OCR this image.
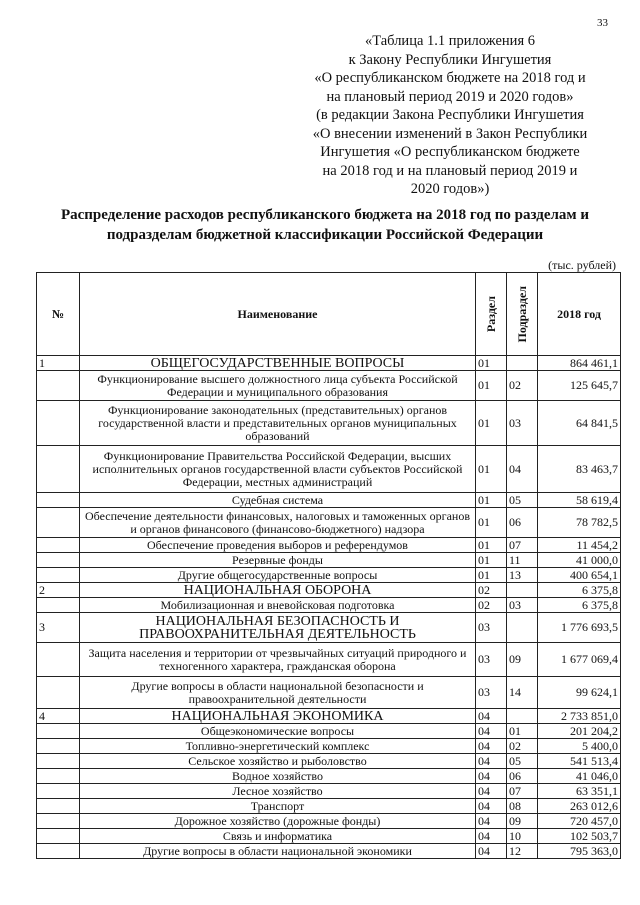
33
«Таблица 1.1 приложения 6
к Закону Республики Ингушетия
«О республиканском бюджете на 2018 год и
на плановый период 2019 и 2020 годов»
(в редакции Закона Республики Ингушетия
«О внесении изменений в Закон Республики
Ингушетия «О республиканском бюджете
на 2018 год и на плановый период 2019 и
2020 годов»)
Распределение расходов республиканского бюджета на 2018 год по разделам и подразделам бюджетной классификации Российской Федерации
(тыс. рублей)
№	Наименование	Раздел	Подраздел	2018 год
1	ОБЩЕГОСУДАРСТВЕННЫЕ ВОПРОСЫ	01		864 461,1
	Функционирование высшего должностного лица субъекта Российской Федерации и муниципального образования	01	02	125 645,7
	Функционирование законодательных (представительных) органов государственной власти и представительных органов муниципальных образований	01	03	64 841,5
	Функционирование Правительства Российской Федерации, высших исполнительных органов государственной власти субъектов Российской Федерации, местных администраций	01	04	83 463,7
	Судебная система	01	05	58 619,4
	Обеспечение деятельности финансовых, налоговых и таможенных органов и органов финансового (финансово-бюджетного) надзора	01	06	78 782,5
	Обеспечение проведения выборов и референдумов	01	07	11 454,2
	Резервные фонды	01	11	41 000,0
	Другие общегосударственные вопросы	01	13	400 654,1
2	НАЦИОНАЛЬНАЯ ОБОРОНА	02		6 375,8
	Мобилизационная и вневойсковая подготовка	02	03	6 375,8
3	НАЦИОНАЛЬНАЯ БЕЗОПАСНОСТЬ И ПРАВООХРАНИТЕЛЬНАЯ ДЕЯТЕЛЬНОСТЬ	03		1 776 693,5
	Защита населения и территории от чрезвычайных ситуаций природного и техногенного характера, гражданская оборона	03	09	1 677 069,4
	Другие вопросы в области национальной безопасности и правоохранительной деятельности	03	14	99 624,1
4	НАЦИОНАЛЬНАЯ ЭКОНОМИКА	04		2 733 851,0
	Общеэкономические вопросы	04	01	201 204,2
	Топливно-энергетический комплекс	04	02	5 400,0
	Сельское хозяйство и рыболовство	04	05	541 513,4
	Водное хозяйство	04	06	41 046,0
	Лесное хозяйство	04	07	63 351,1
	Транспорт	04	08	263 012,6
	Дорожное хозяйство (дорожные фонды)	04	09	720 457,0
	Связь и информатика	04	10	102 503,7
	Другие вопросы в области национальной экономики	04	12	795 363,0
